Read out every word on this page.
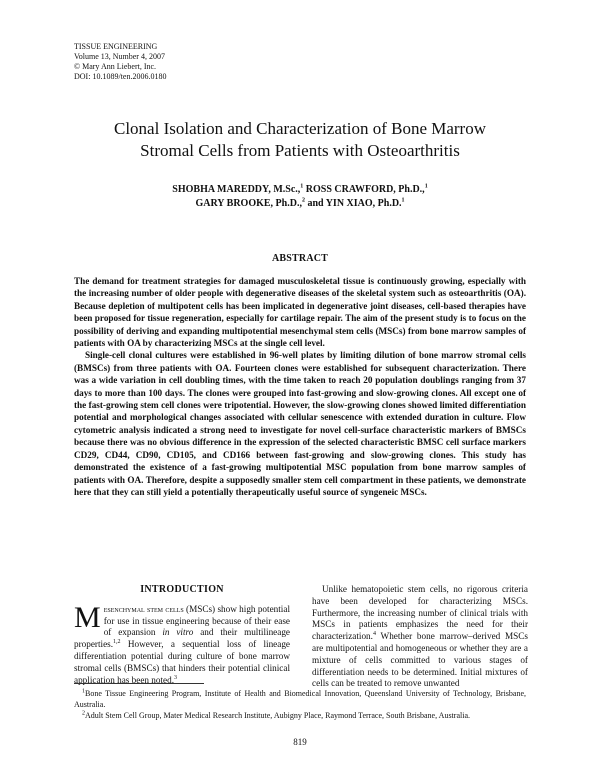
TISSUE ENGINEERING
Volume 13, Number 4, 2007
© Mary Ann Liebert, Inc.
DOI: 10.1089/ten.2006.0180
Clonal Isolation and Characterization of Bone Marrow
Stromal Cells from Patients with Osteoarthritis
SHOBHA MAREDDY, M.Sc.,$^1$ ROSS CRAWFORD, Ph.D.,$^1$
GARY BROOKE, Ph.D.,$^2$ and YIN XIAO, Ph.D.$^1$
ABSTRACT

The demand for treatment strategies for damaged musculoskeletal tissue is continuously growing, especially with the increasing number of older people with degenerative diseases of the skeletal system such as osteoarthritis (OA). Because depletion of multipotent cells has been implicated in degenerative joint diseases, cell-based therapies have been proposed for tissue regeneration, especially for cartilage repair. The aim of the present study is to focus on the possibility of deriving and expanding multipotential mesenchymal stem cells (MSCs) from bone marrow samples of patients with OA by characterizing MSCs at the single cell level.

Single-cell clonal cultures were established in 96-well plates by limiting dilution of bone marrow stromal cells (BMSCs) from three patients with OA. Fourteen clones were established for subsequent characterization. There was a wide variation in cell doubling times, with the time taken to reach 20 population doublings ranging from 37 days to more than 100 days. The clones were grouped into fast-growing and slow-growing clones. All except one of the fast-growing stem cell clones were tripotential. However, the slow-growing clones showed limited differentiation potential and morphological changes associated with cellular senescence with extended duration in culture. Flow cytometric analysis indicated a strong need to investigate for novel cell-surface characteristic markers of BMSCs because there was no obvious difference in the expression of the selected characteristic BMSC cell surface markers CD29, CD44, CD90, CD105, and CD166 between fast-growing and slow-growing clones. This study has demonstrated the existence of a fast-growing multipotential MSC population from bone marrow samples of patients with OA. Therefore, despite a supposedly smaller stem cell compartment in these patients, we demonstrate here that they can still yield a potentially therapeutically useful source of syngeneic MSCs.

INTRODUCTION
Mesenchymal stem cells (MSCs) show high potential for use in tissue engineering because of their ease of expansion in vitro and their multilineage properties.$^{1,2}$ However, a sequential loss of lineage differentiation potential during culture of bone marrow stromal cells (BMSCs) that hinders their potential clinical application has been noted.$^3$

Unlike hematopoietic stem cells, no rigorous criteria have been developed for characterizing MSCs. Furthermore, the increasing number of clinical trials with MSCs in patients emphasizes the need for their characterization.$^4$ Whether bone marrow–derived MSCs are multipotential and homogeneous or whether they are a mixture of cells committed to various stages of differentiation needs to be determined. Initial mixtures of cells can be treated to remove unwanted

$^1$Bone Tissue Engineering Program, Institute of Health and Biomedical Innovation, Queensland University of Technology, Brisbane, Australia.

$^2$Adult Stem Cell Group, Mater Medical Research Institute, Aubigny Place, Raymond Terrace, South Brisbane, Australia.

819
